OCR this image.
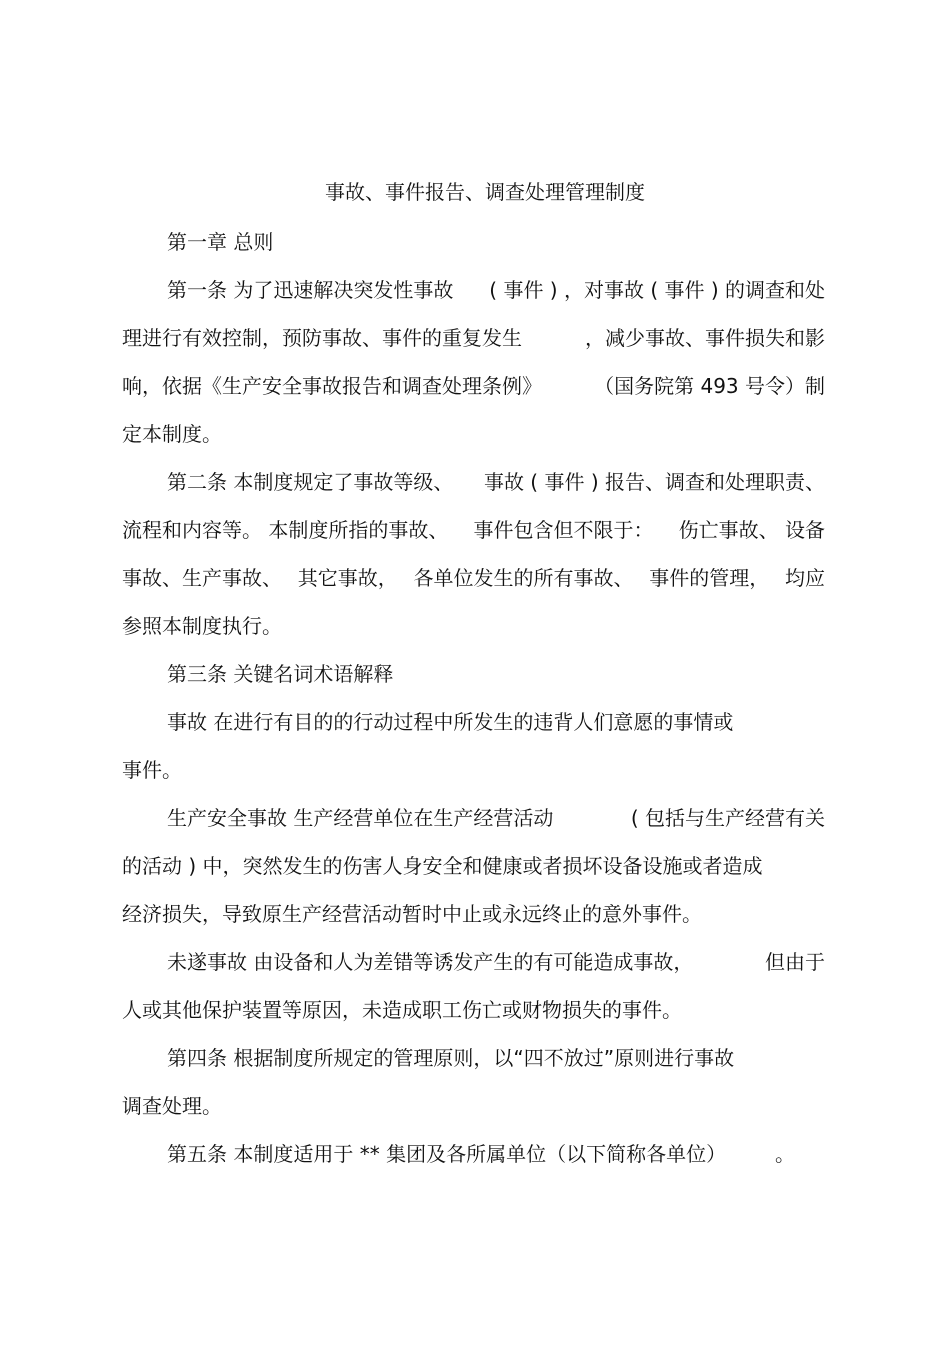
事故、事件报告、调查处理管理制度
第一章 总则
第一条 为了迅速解决突发性事故 ( 事件 ) ，对事故 ( 事件 ) 的调查和处
理进行有效控制，预防事故、事件的重复发生	，减少事故、事件损失和影
响，依据《生产安全事故报告和调查处理条例》	（国务院第 493 号令）制
定本制度。
第二条 本制度规定了事故等级、 事故 ( 事件 ) 报告、调查和处理职责、
流程和内容等。 本制度所指的事故、 事件包含但不限于： 伤亡事故、 设备
事故、生产事故、 其它事故， 各单位发生的所有事故、 事件的管理， 均应
参照本制度执行。
第三条 关键名词术语解释
事故 在进行有目的的行动过程中所发生的违背人们意愿的事情或
事件。
生产安全事故 生产经营单位在生产经营活动	( 包括与生产经营有关
的活动 ) 中，突然发生的伤害人身安全和健康或者损坏设备设施或者造成
经济损失，导致原生产经营活动暂时中止或永远终止的意外事件。
未遂事故 由设备和人为差错等诱发产生的有可能造成事故，	但由于
人或其他保护装置等原因，未造成职工伤亡或财物损失的事件。
第四条 根据制度所规定的管理原则，以“四不放过”原则进行事故
调查处理。
第五条 本制度适用于 ** 集团及各所属单位（以下简称各单位） 。
